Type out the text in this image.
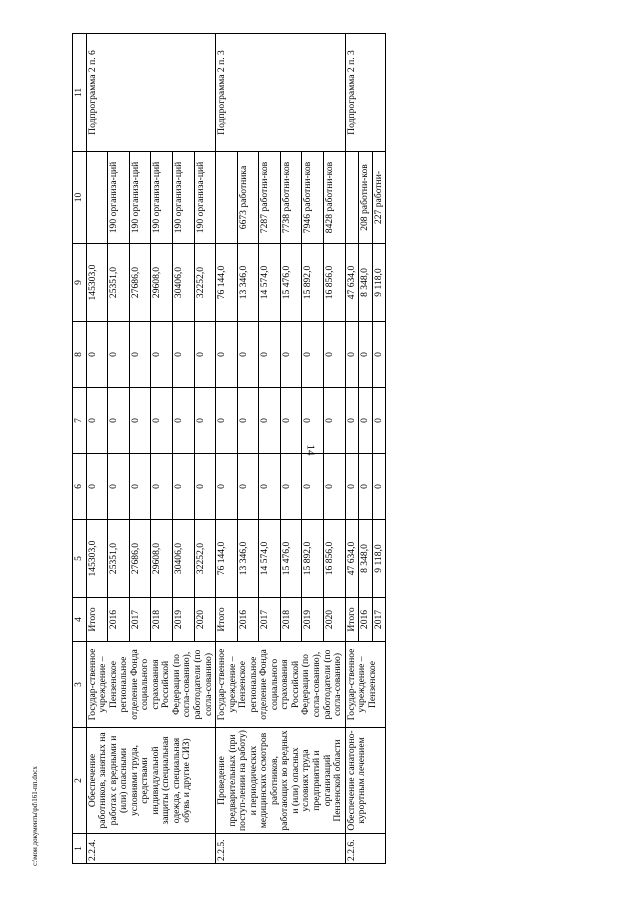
14
c:\мои документы\pd\161-пп.docx	1	2	3	4	5	6	7	8	9	10	11
2.2.4.	Обеспечение работников, занятых на работах с вредными и (или) опасными условиями труда, средствами индивидуальной защиты (специальная одежда, специальная обувь и другие СИЗ)	Государ-ственное учреждение – Пензенское региональное отделение Фонда социального страхования Российской Федерации (по согла-сованию), работодатели (по согла-сованию)	Итого	145303,0	0	0	0	145303,0		Подпрограмма 2 п. 6
			2016	25351,0	0	0	0	25351,0	190 организа-ций	
			2017	27686,0	0	0	0	27686,0	190 организа-ций	
			2018	29608,0	0	0	0	29608,0	190 организа-ций	
			2019	30406,0	0	0	0	30406,0	190 организа-ций	
			2020	32252,0	0	0	0	32252,0	190 организа-ций	
2.2.5.	Проведение предварительных (при поступ-лении на работу) и периодических медицинских осмотров работников, работающих во вредных и (или) опасных условиях труда предприятий и организаций Пензенской области	Государ-ственное учреждение – Пензенское региональное отделение Фонда социального страхования Российской Федерации (по согла-сованию), работодатели (по согла-сованию)	Итого	76 144,0	0	0	0	76 144,0		Подпрограмма 2 п. 3
			2016	13 346,0	0	0	0	13 346,0	6673 работника	
			2017	14 574,0	0	0	0	14 574,0	7287 работни-ков	
			2018	15 476,0	0	0	0	15 476,0	7738 работни-ков	
			2019	15 892,0	0	0	0	15 892,0	7946 работни-ков	
			2020	16 856,0	0	0	0	16 856,0	8428 работни-ков	
2.2.6.	Обеспечение санаторно-курортным лечением	Государ-ственное учреждение – Пензенское	Итого	47 634,0	0	0	0	47 634,0		Подпрограмма 2 п. 3
			2016	8 348,0	0	0	0	8 348,0	208 работни-ков	
			2017	9 118,0	0	0	0	9 118,0	227 работни-	
